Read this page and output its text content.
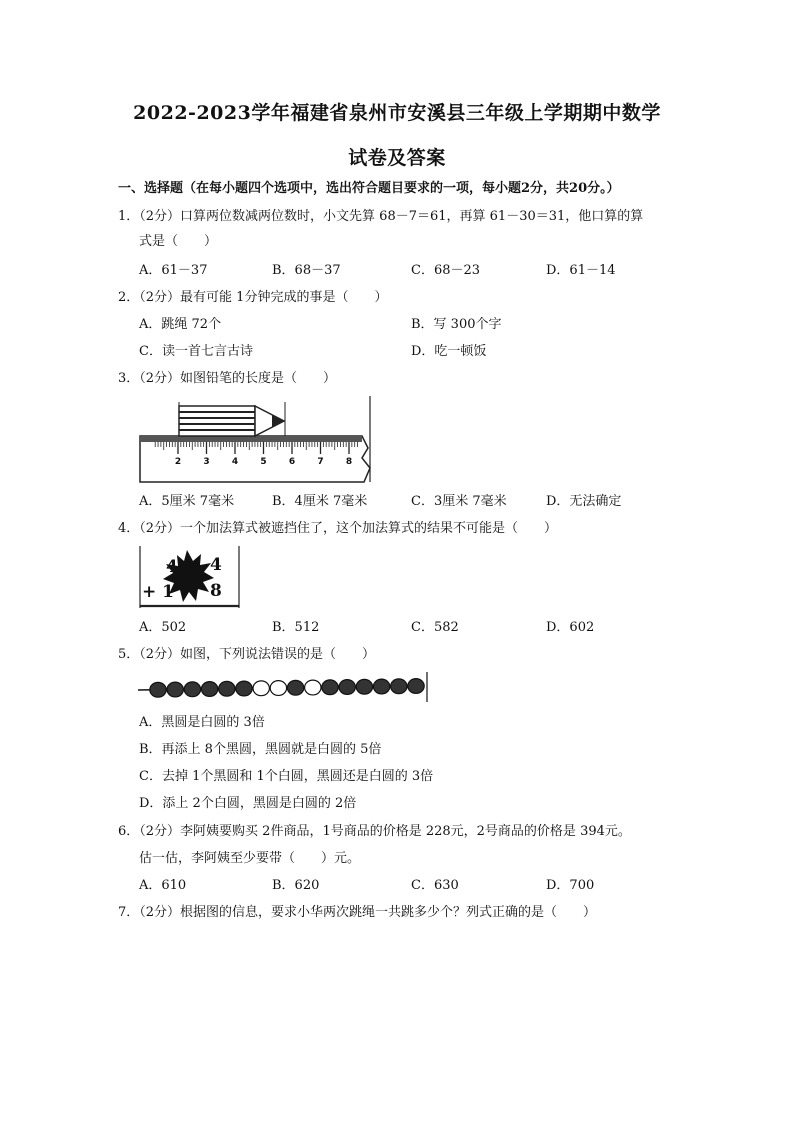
2022-2023学年福建省泉州市安溪县三年级上学期期中数学
试卷及答案
一、选择题（在每小题四个选项中，选出符合题目要求的一项，每小题2分，共20分。）
1．（2分）口算两位数减两位数时，小文先算 68－7＝61，再算 61－30＝31，他口算的算
式是（　　）
A．61－37	B．68－37	C．68－23	D．61－14
2．（2分）最有可能 1分钟完成的事是（　　）
A．跳绳 72个	B．写 300个字
C．读一首七言古诗	D．吃一顿饭
3．（2分）如图铅笔的长度是（　　）
2 3 4 5 6 7 8
A．5厘米 7毫米	B．4厘米 7毫米	C．3厘米 7毫米	D．无法确定
4．（2分）一个加法算式被遮挡住了，这个加法算式的结果不可能是（　　）
4 4
+ 1 8
A．502	B．512	C．582	D．602
5．（2分）如图，下列说法错误的是（　　）
A．黑圆是白圆的 3倍
B．再添上 8个黑圆，黑圆就是白圆的 5倍
C．去掉 1个黑圆和 1个白圆，黑圆还是白圆的 3倍
D．添上 2个白圆，黑圆是白圆的 2倍
6．（2分）李阿姨要购买 2件商品，1号商品的价格是 228元，2号商品的价格是 394元。
估一估，李阿姨至少要带（　　）元。
A．610	B．620	C．630	D．700
7．（2分）根据图的信息，要求小华两次跳绳一共跳多少个？列式正确的是（　　）
